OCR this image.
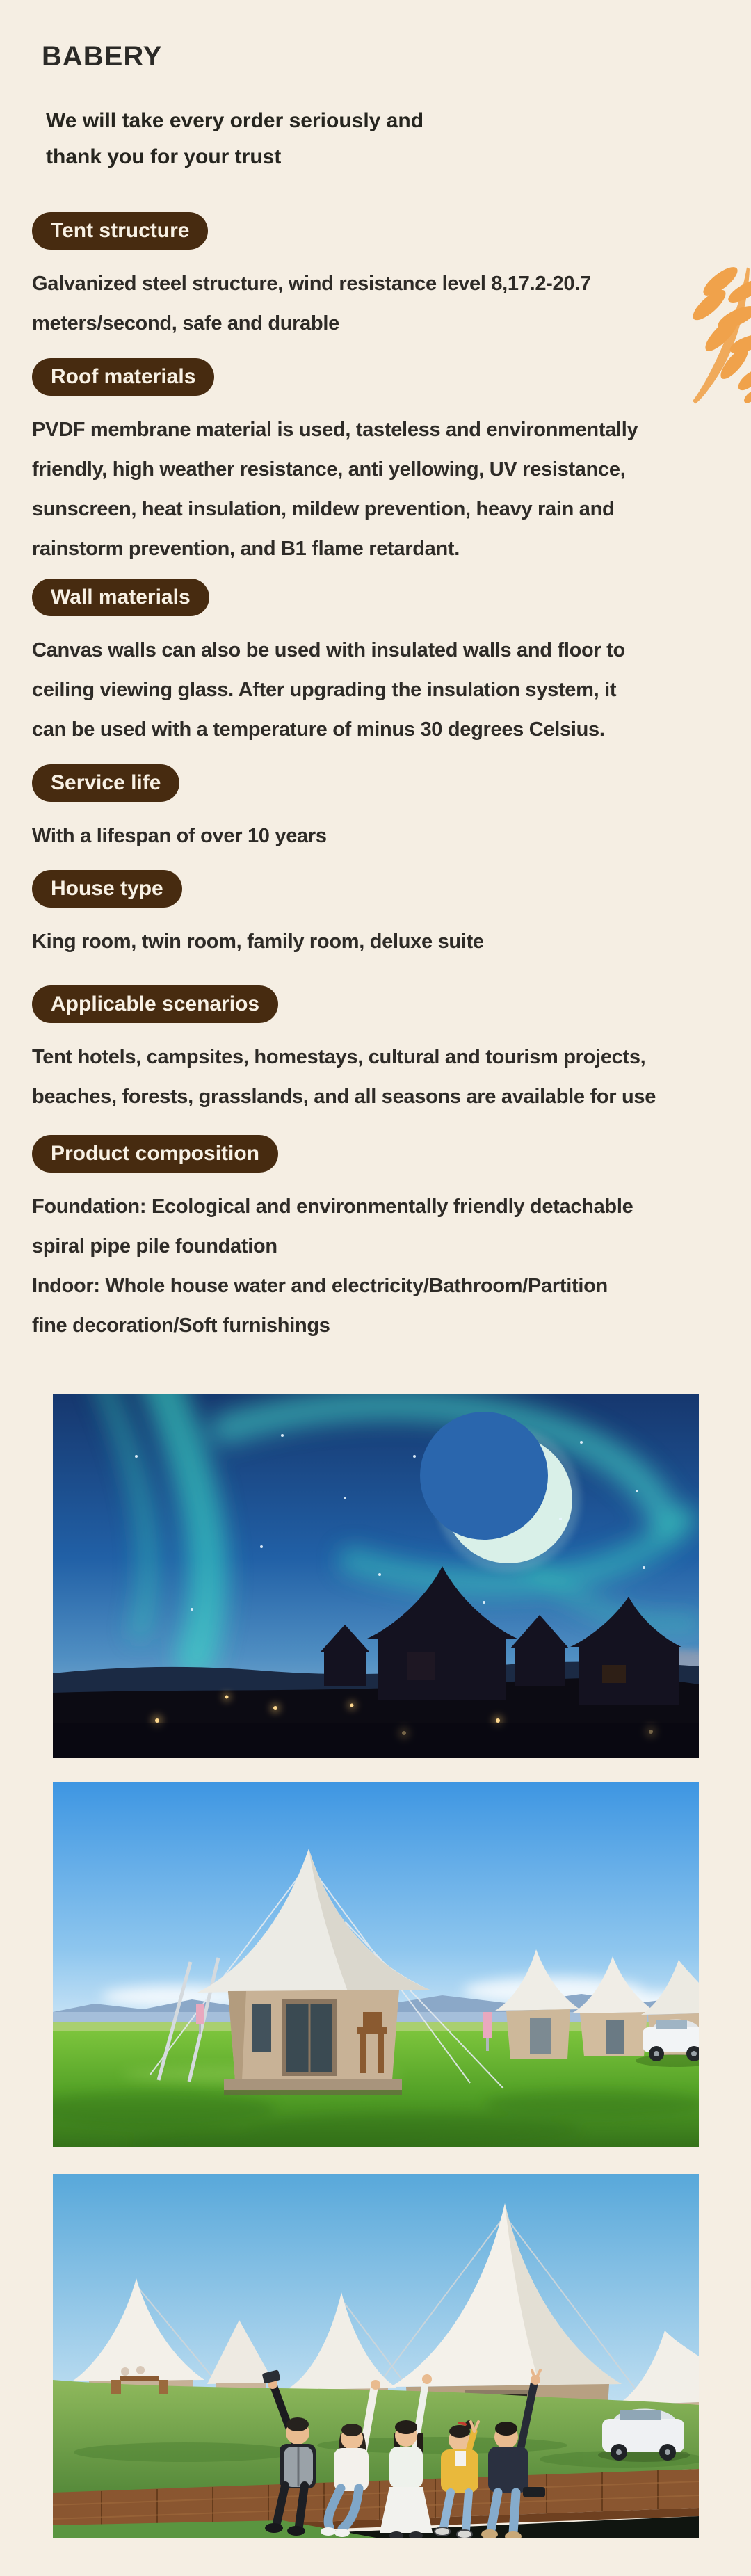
BABERY
We will take every order seriously and
thank you for your trust
Tent structure

Galvanized steel structure, wind resistance level 8,17.2-20.7

meters/second, safe and durable

Roof materials

PVDF membrane material is used, tasteless and environmentally

friendly, high weather resistance, anti yellowing, UV resistance,

sunscreen, heat insulation, mildew prevention, heavy rain and

rainstorm prevention, and B1 flame retardant.

Wall materials

Canvas walls can also be used with insulated walls and floor to

ceiling viewing glass. After upgrading the insulation system, it

can be used with a temperature of minus 30 degrees Celsius.

Service life

With a lifespan of over 10 years

House type

King room, twin room, family room, deluxe suite

Applicable scenarios

Tent hotels, campsites, homestays, cultural and tourism projects,

beaches, forests, grasslands, and all seasons are available for use

Product composition

Foundation: Ecological and environmentally friendly detachable

spiral pipe pile foundation

Indoor: Whole house water and electricity/Bathroom/Partition

fine decoration/Soft furnishings
